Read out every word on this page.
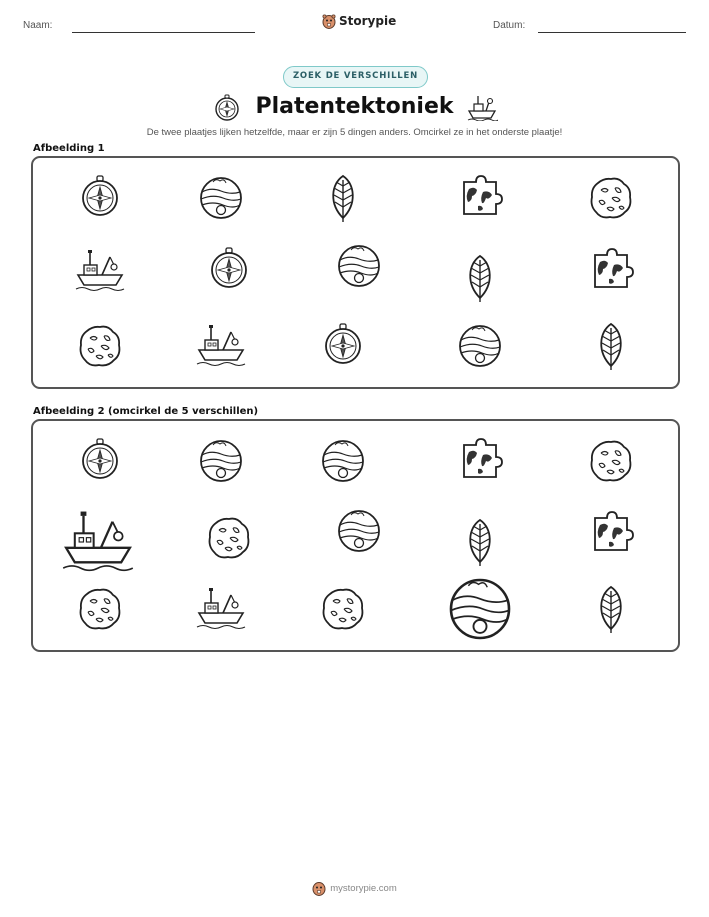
Naam:	Storypie	Datum:
ZOEK DE VERSCHILLEN
Platentektoniek
De twee plaatjes lijken hetzelfde, maar er zijn 5 dingen anders. Omcirkel ze in het onderste plaatje!
Afbeelding 1
Afbeelding 2 (omcirkel de 5 verschillen)
mystorypie.com
